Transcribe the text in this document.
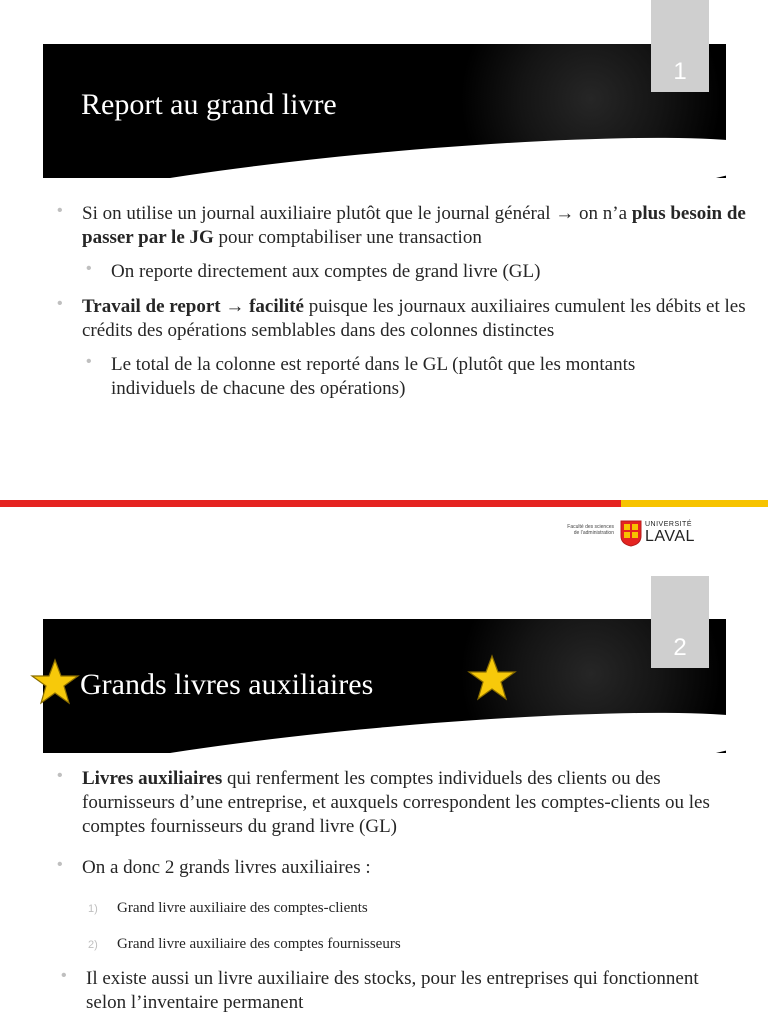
1
Report au grand livre
• Si on utilise un journal auxiliaire plutôt que le journal général → on n’a plus besoin de passer par le JG pour comptabiliser une transaction
• On reporte directement aux comptes de grand livre (GL)
• Travail de report → facilité puisque les journaux auxiliaires cumulent les débits et les crédits des opérations semblables dans des colonnes distinctes
• Le total de la colonne est reporté dans le GL (plutôt que les montants individuels de chacune des opérations)
Faculté des sciences
de l’administration
UNIVERSITÉ
LAVAL
2
Grands livres auxiliaires
• Livres auxiliaires qui renferment les comptes individuels des clients ou des fournisseurs d’une entreprise, et auxquels correspondent les comptes-clients ou les comptes fournisseurs du grand livre (GL)
• On a donc 2 grands livres auxiliaires :
1) Grand livre auxiliaire des comptes-clients
2) Grand livre auxiliaire des comptes fournisseurs
• Il existe aussi un livre auxiliaire des stocks, pour les entreprises qui fonctionnent selon l’inventaire permanent
